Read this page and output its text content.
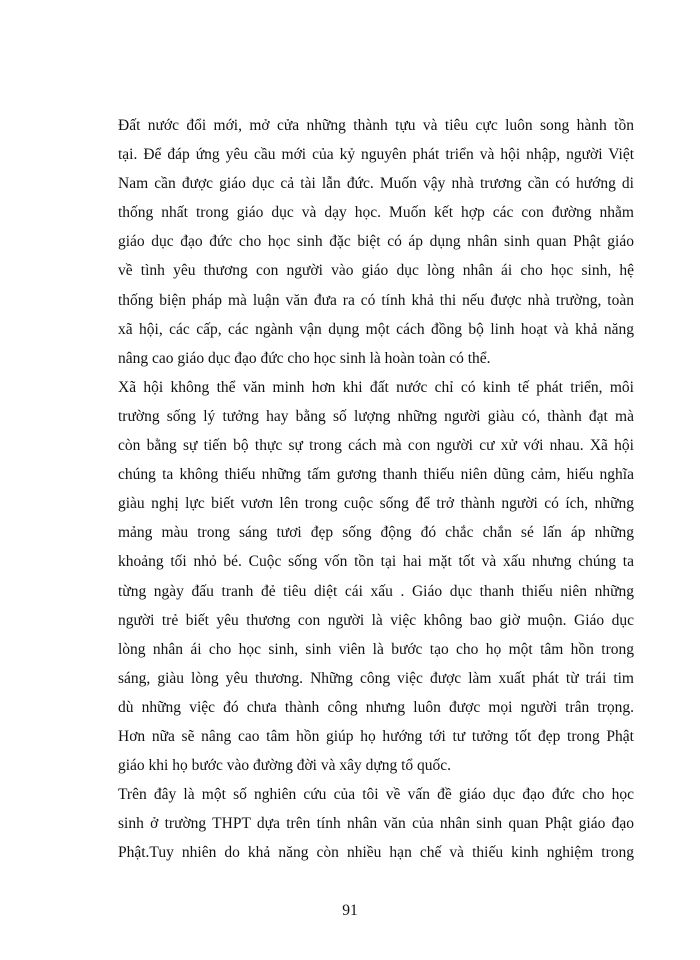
Đất nước đổi mới, mở cửa những thành tựu và tiêu cực luôn song hành tồn
tại. Để đáp ứng yêu cầu mới của kỷ nguyên phát triển và hội nhập, người Việt
Nam cần được giáo dục cả tài lẫn đức. Muốn vậy nhà trương cần có hướng di
thống nhất trong giáo dục và dạy học. Muốn kết hợp các con đường nhằm
giáo dục đạo đức cho học sinh đặc biệt có áp dụng nhân sinh quan Phật giáo
về tình yêu thương con người vào giáo dục lòng nhân ái cho học sinh, hệ
thống biện pháp mà luận văn đưa ra có tính khả thi nếu được nhà trường, toàn
xã hội, các cấp, các ngành vận dụng một cách đồng bộ linh hoạt và khả năng
nâng cao giáo dục đạo đức cho học sinh là hoàn toàn có thể.
Xã hội không thể văn minh hơn khi đất nước chỉ có kinh tế phát triển, môi
trường sống lý tưởng hay bằng số lượng những người giàu có, thành đạt mà
còn bằng sự tiến bộ thực sự trong cách mà con người cư xử với nhau. Xã hội
chúng ta không thiếu những tấm gương thanh thiếu niên dũng cảm, hiếu nghĩa
giàu nghị lực biết vươn lên trong cuộc sống để trở thành người có ích, những
mảng màu trong sáng tươi đẹp sống động đó chắc chắn sé lấn áp những
khoảng tối nhỏ bé. Cuộc sống vốn tồn tại hai mặt tốt và xấu nhưng chúng ta
từng ngày đấu tranh đẻ tiêu diệt cái xấu . Giáo dục thanh thiếu niên những
người trẻ biết yêu thương con người là việc không bao giờ muộn. Giáo dục
lòng nhân ái cho học sinh, sinh viên là bước tạo cho họ một tâm hồn trong
sáng, giàu lòng yêu thương. Những công việc được làm xuất phát từ trái tim
dù những việc đó chưa thành công nhưng luôn được mọi người trân trọng.
Hơn nữa sẽ nâng cao tâm hồn giúp họ hướng tới tư tưởng tốt đẹp trong Phật
giáo khi họ bước vào đường đời và xây dựng tổ quốc.
Trên đây là một số nghiên cứu của tôi về vấn đề giáo dục đạo đức cho học
sinh ở trường THPT dựa trên tính nhân văn của nhân sinh quan Phật giáo đạo
Phật.Tuy nhiên do khả năng còn nhiều hạn chế và thiếu kinh nghiệm trong
91
